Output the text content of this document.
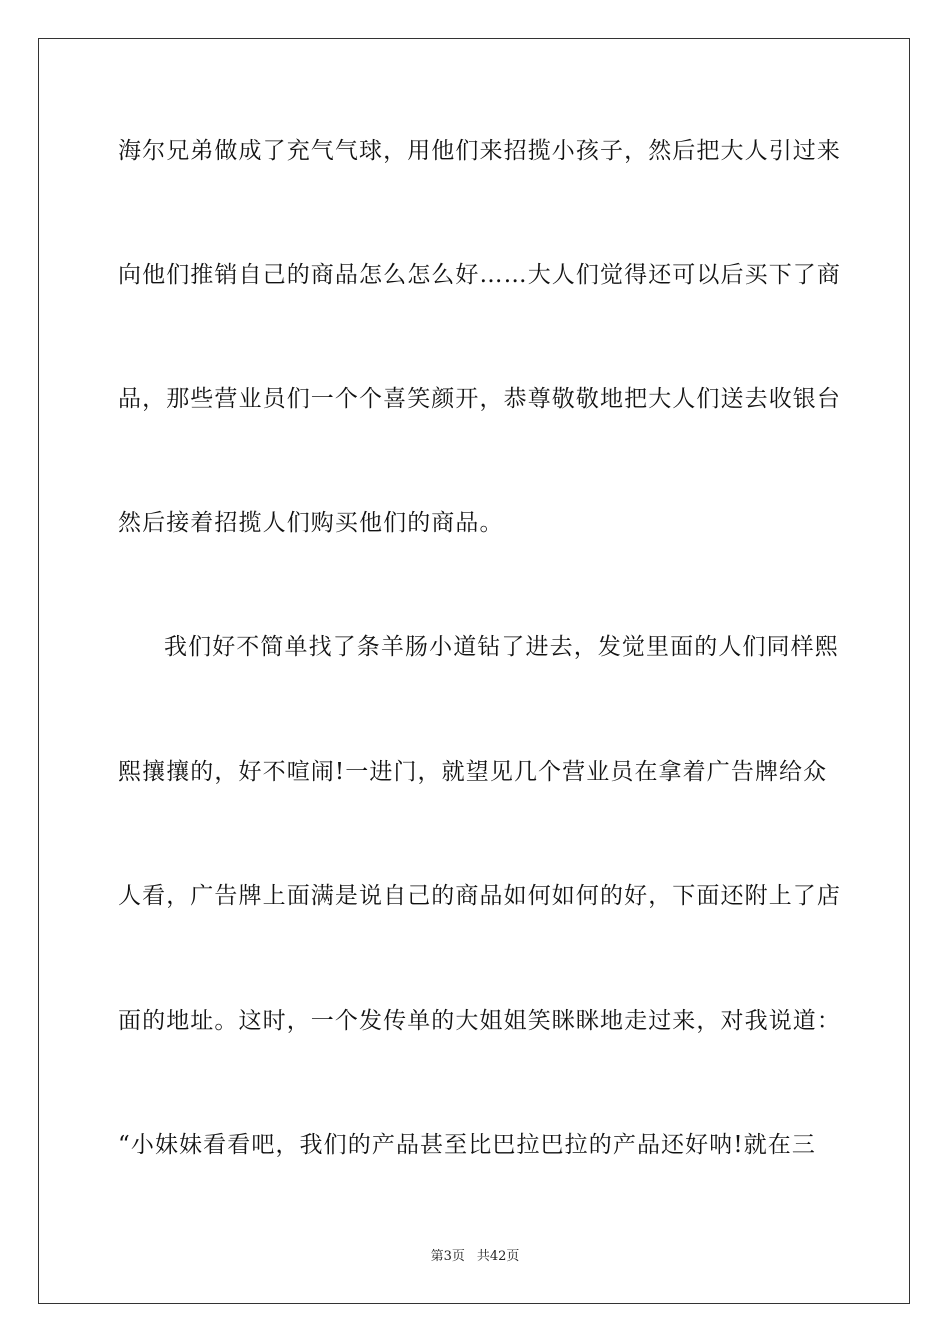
海尔兄弟做成了充气气球，用他们来招揽小孩子，然后把大人引过来
向他们推销自己的商品怎么怎么好……大人们觉得还可以后买下了商
品，那些营业员们一个个喜笑颜开，恭尊敬敬地把大人们送去收银台
然后接着招揽人们购买他们的商品。
我们好不简单找了条羊肠小道钻了进去，发觉里面的人们同样熙
熙攘攘的，好不喧闹!一进门，就望见几个营业员在拿着广告牌给众
人看，广告牌上面满是说自己的商品如何如何的好，下面还附上了店
面的地址。这时，一个发传单的大姐姐笑眯眯地走过来，对我说道：
“小妹妹看看吧，我们的产品甚至比巴拉巴拉的产品还好呐!就在三
第3页 共42页
